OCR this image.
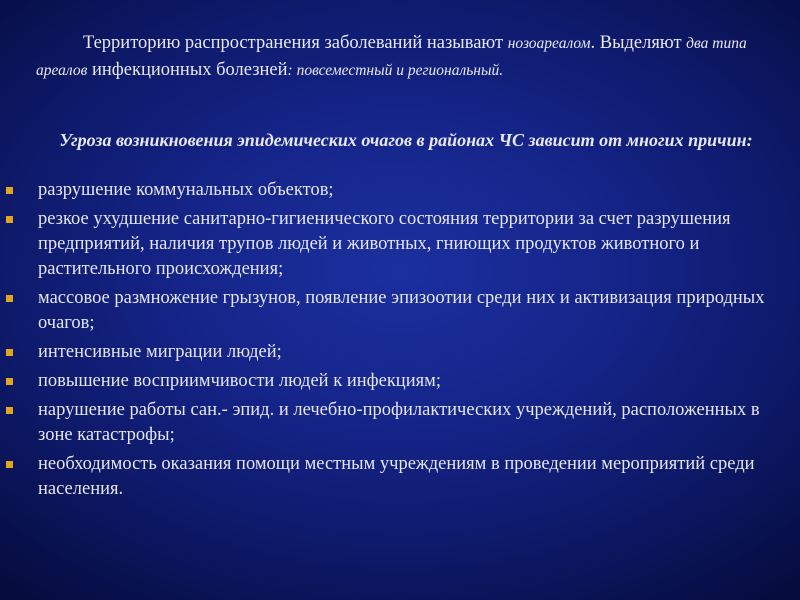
Территорию распространения заболеваний называют нозоареалом. Выделяют два типа ареалов инфекционных болезней: повсеместный и региональный.
Угроза возникновения эпидемических очагов в районах ЧС зависит от многих причин:
разрушение коммунальных объектов;
резкое ухудшение санитарно-гигиенического состояния территории за счет разрушения предприятий, наличия трупов людей и животных, гниющих продуктов животного и растительного происхождения;
массовое размножение грызунов, появление эпизоотии среди них и активизация природных очагов;
интенсивные миграции людей;
повышение восприимчивости людей к инфекциям;
нарушение работы сан.- эпид. и лечебно-профилактических учреждений, расположенных в зоне катастрофы;
необходимость оказания помощи местным учреждениям в проведении мероприятий среди населения.
